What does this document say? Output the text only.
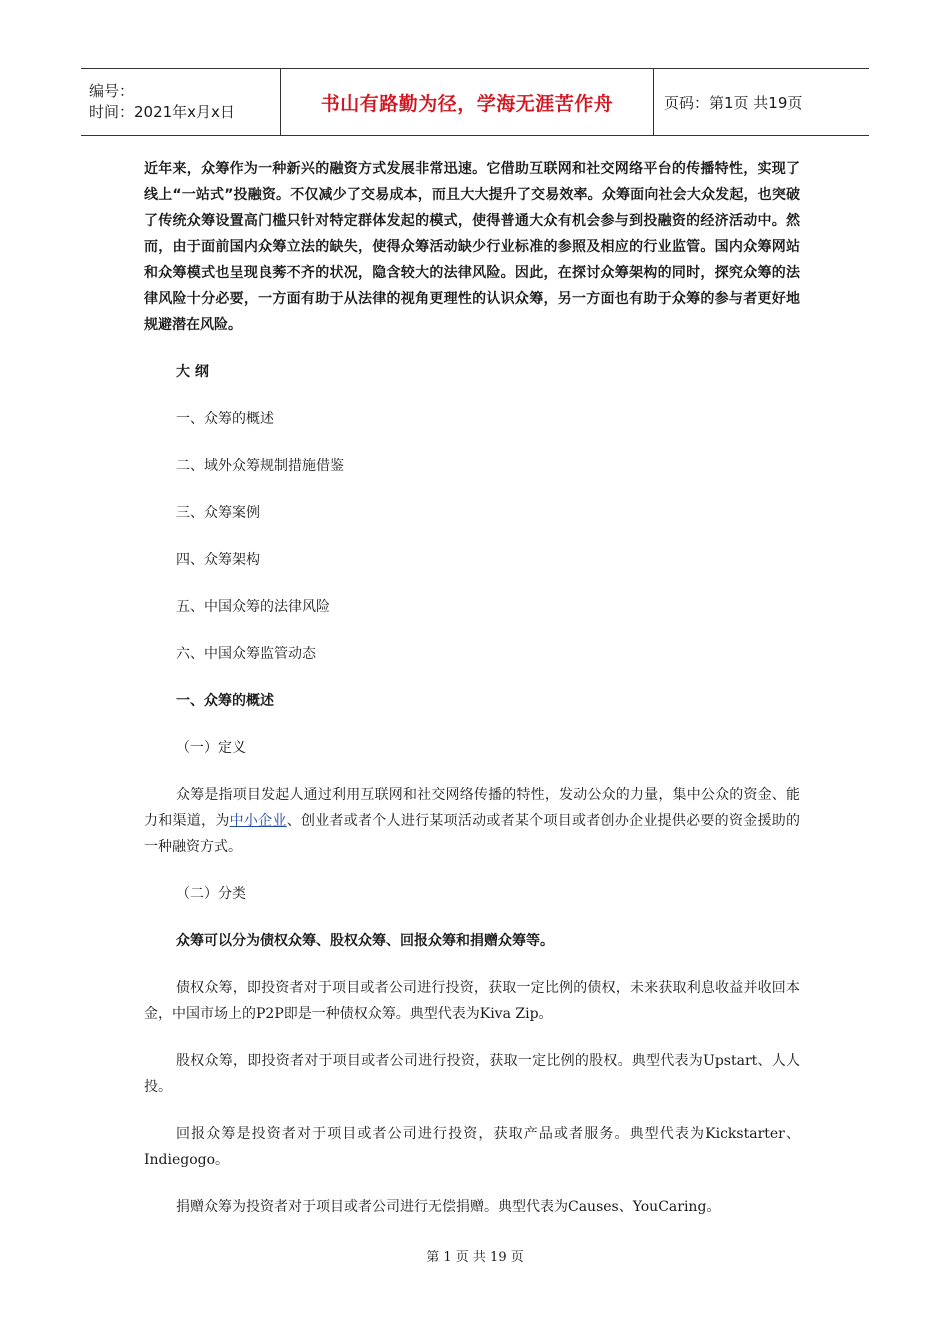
编号：
时间：2021年x月x日	书山有路勤为径，学海无涯苦作舟	页码：第1页 共19页

近年来，众筹作为一种新兴的融资方式发展非常迅速。它借助互联网和社交网络平台的传播特性，实现了线上“一站式”投融资。不仅减少了交易成本，而且大大提升了交易效率。众筹面向社会大众发起，也突破了传统众筹设置高门槛只针对特定群体发起的模式，使得普通大众有机会参与到投融资的经济活动中。然而，由于面前国内众筹立法的缺失，使得众筹活动缺少行业标准的参照及相应的行业监管。国内众筹网站和众筹模式也呈现良莠不齐的状况，隐含较大的法律风险。因此，在探讨众筹架构的同时，探究众筹的法律风险十分必要，一方面有助于从法律的视角更理性的认识众筹，另一方面也有助于众筹的参与者更好地规避潜在风险。

大 纲

一、众筹的概述

二、域外众筹规制措施借鉴

三、众筹案例

四、众筹架构

五、中国众筹的法律风险

六、中国众筹监管动态

一、众筹的概述

（一）定义

众筹是指项目发起人通过利用互联网和社交网络传播的特性，发动公众的力量，集中公众的资金、能力和渠道，为中小企业、创业者或者个人进行某项活动或者某个项目或者创办企业提供必要的资金援助的一种融资方式。

（二）分类

众筹可以分为债权众筹、股权众筹、回报众筹和捐赠众筹等。

债权众筹，即投资者对于项目或者公司进行投资，获取一定比例的债权，未来获取利息收益并收回本金，中国市场上的P2P即是一种债权众筹。典型代表为Kiva Zip。

股权众筹，即投资者对于项目或者公司进行投资，获取一定比例的股权。典型代表为Upstart、人人投。

回报众筹是投资者对于项目或者公司进行投资，获取产品或者服务。典型代表为Kickstarter、Indiegogo。

捐赠众筹为投资者对于项目或者公司进行无偿捐赠。典型代表为Causes、YouCaring。

第 1 页 共 19 页
